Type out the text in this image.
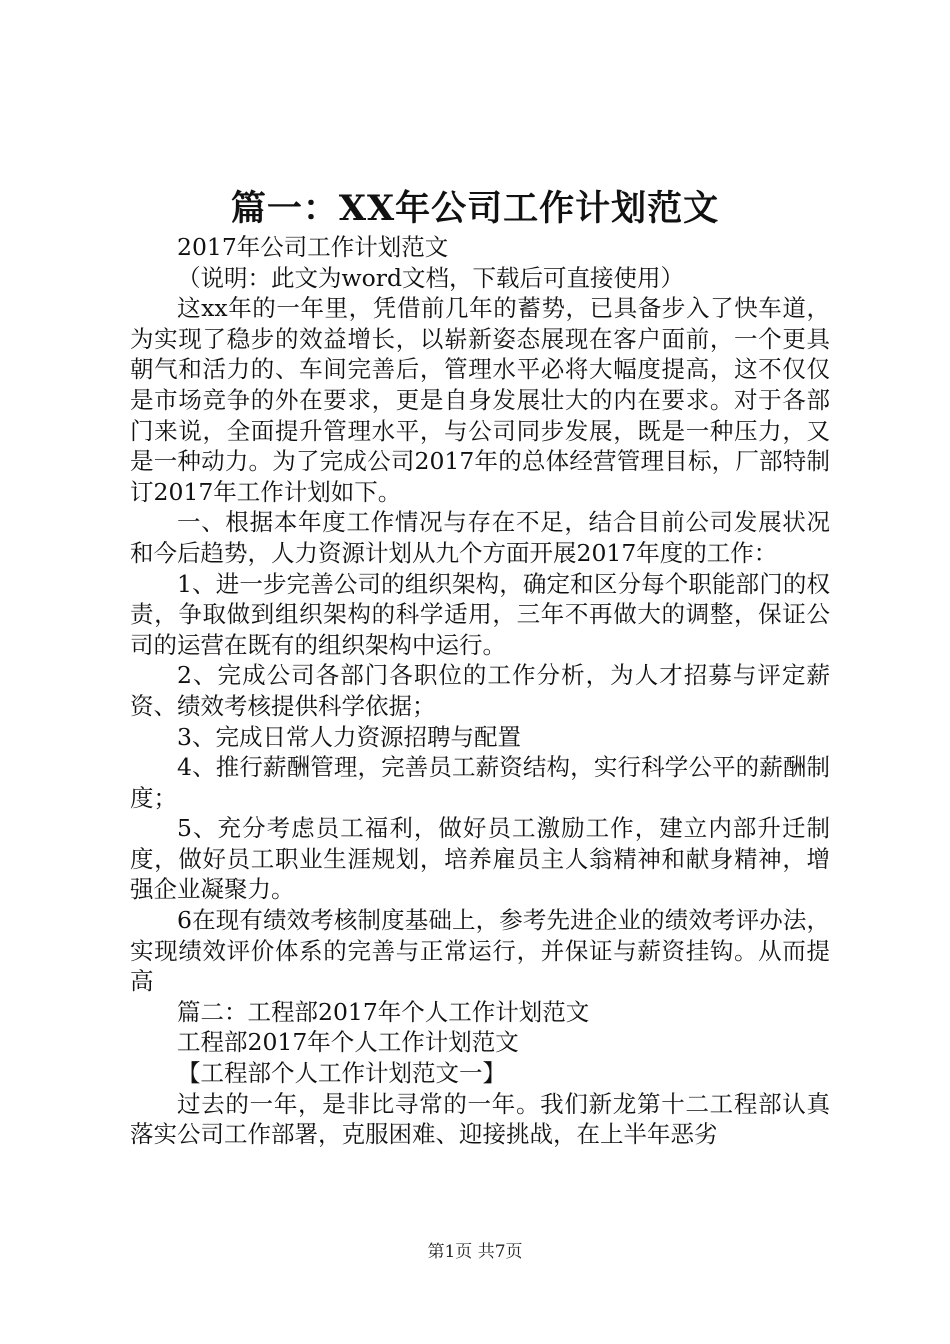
篇一：XX年公司工作计划范文

2017年公司工作计划范文

（说明：此文为word文档，下载后可直接使用）

这xx年的一年里，凭借前几年的蓄势，已具备步入了快车道，为实现了稳步的效益增长，以崭新姿态展现在客户面前，一个更具朝气和活力的、车间完善后，管理水平必将大幅度提高，这不仅仅是市场竞争的外在要求，更是自身发展壮大的内在要求。对于各部门来说，全面提升管理水平，与公司同步发展，既是一种压力，又是一种动力。为了完成公司2017年的总体经营管理目标，厂部特制订2017年工作计划如下。

一、根据本年度工作情况与存在不足，结合目前公司发展状况和今后趋势，人力资源计划从九个方面开展2017年度的工作：

1、进一步完善公司的组织架构，确定和区分每个职能部门的权责，争取做到组织架构的科学适用，三年不再做大的调整，保证公司的运营在既有的组织架构中运行。

2、完成公司各部门各职位的工作分析，为人才招募与评定薪资、绩效考核提供科学依据；

3、完成日常人力资源招聘与配置

4、推行薪酬管理，完善员工薪资结构，实行科学公平的薪酬制度；

5、充分考虑员工福利，做好员工激励工作，建立内部升迁制度，做好员工职业生涯规划，培养雇员主人翁精神和献身精神，增强企业凝聚力。

6在现有绩效考核制度基础上，参考先进企业的绩效考评办法，实现绩效评价体系的完善与正常运行，并保证与薪资挂钩。从而提高

篇二：工程部2017年个人工作计划范文

工程部2017年个人工作计划范文

【工程部个人工作计划范文一】

过去的一年，是非比寻常的一年。我们新龙第十二工程部认真落实公司工作部署，克服困难、迎接挑战，在上半年恶劣

第1页 共7页
